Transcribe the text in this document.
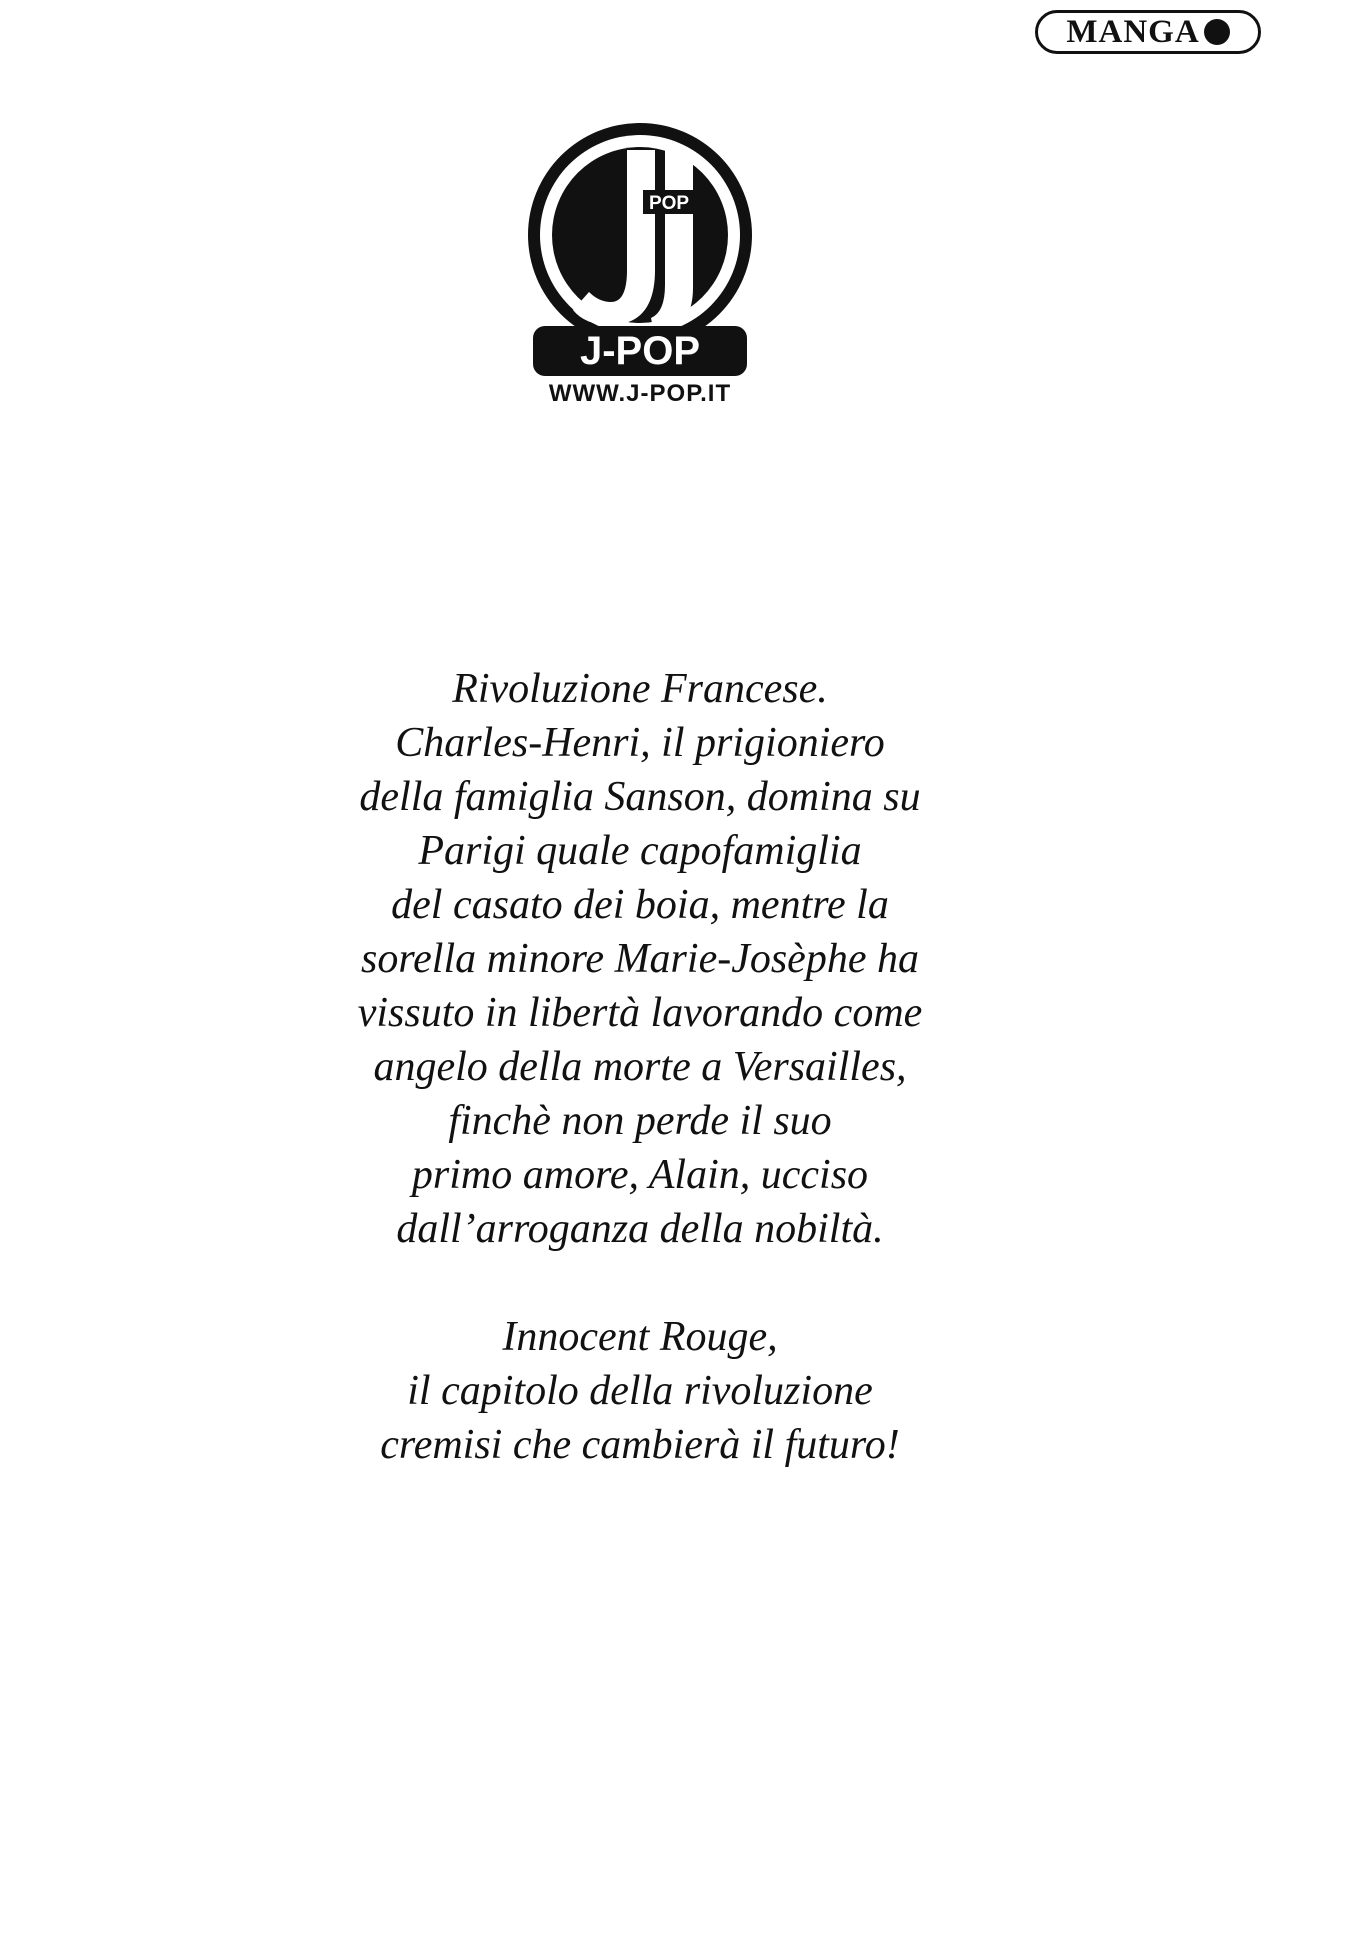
MANGA
POP
J-POP
WWW.J-POP.IT

Rivoluzione Francese.
Charles-Henri, il prigioniero
della famiglia Sanson, domina su
Parigi quale capofamiglia
del casato dei boia, mentre la
sorella minore Marie-Josèphe ha
vissuto in libertà lavorando come
angelo della morte a Versailles,
finchè non perde il suo
primo amore, Alain, ucciso
dall’arroganza della nobiltà.

Innocent Rouge,
il capitolo della rivoluzione
cremisi che cambierà il futuro!
